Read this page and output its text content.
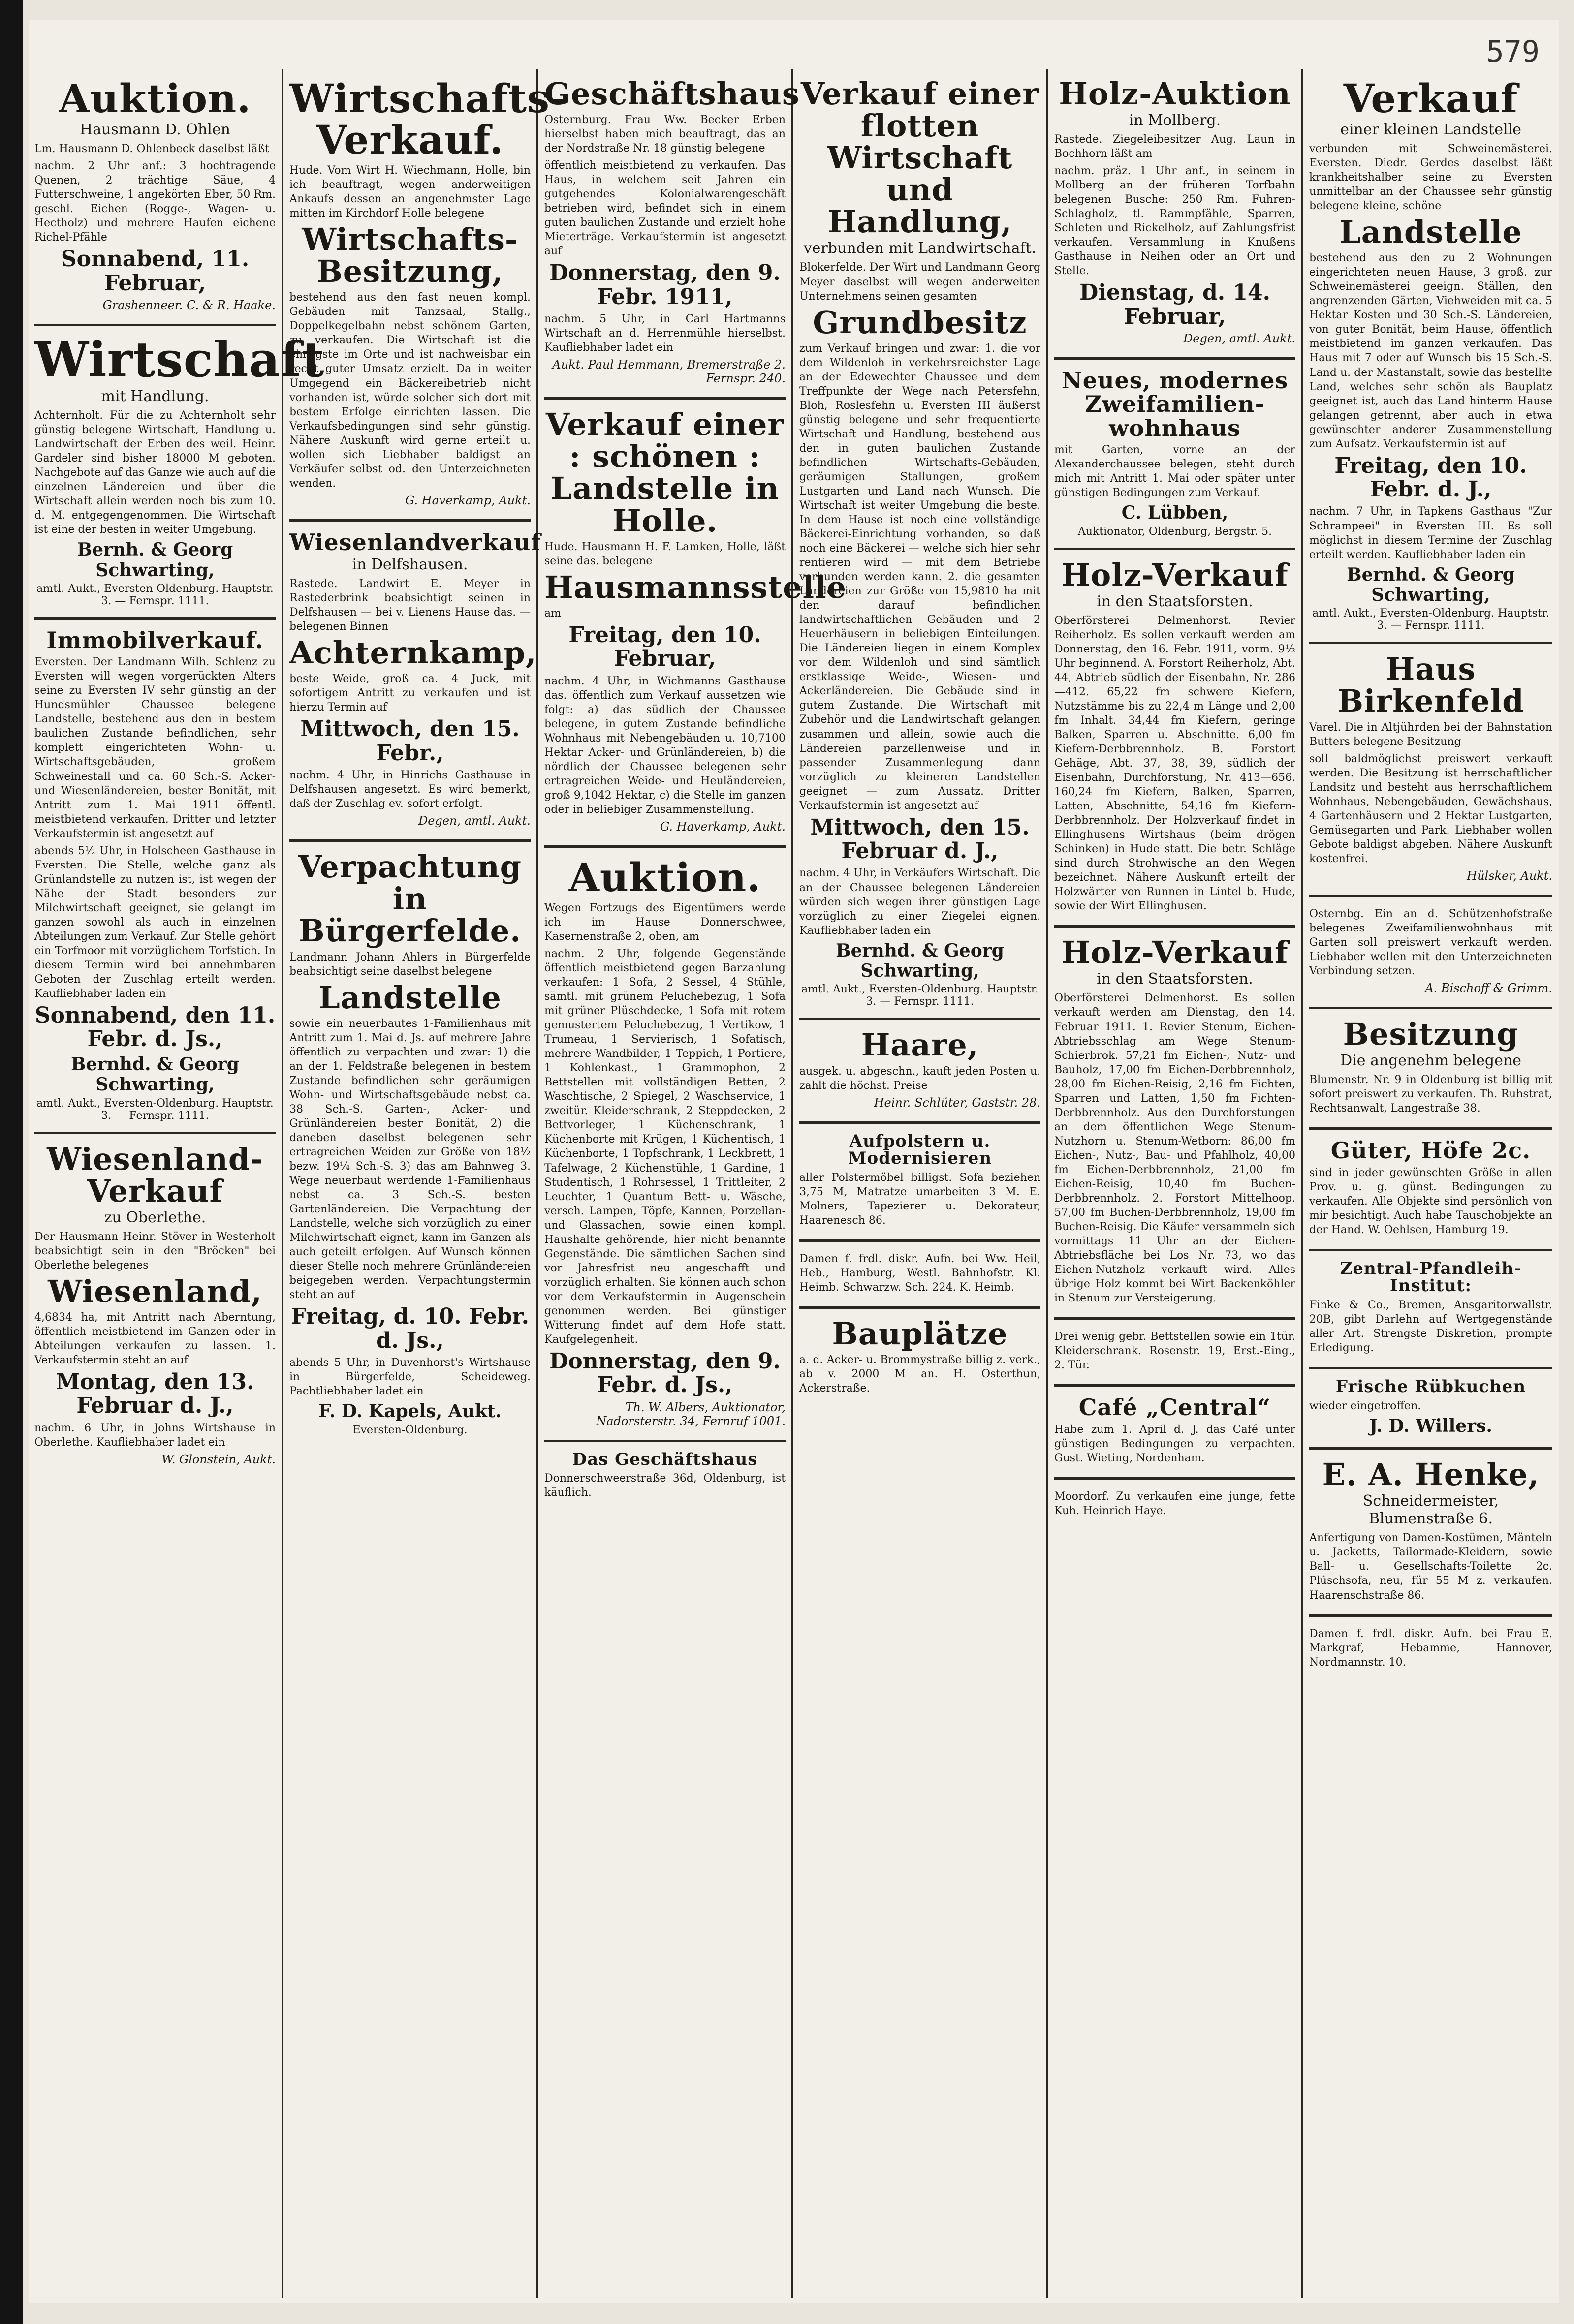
579
Auktion.
Hausmann D. Ohlen
Lm. Hausmann D. Ohlenbeck daselbst läßt
nachm. 2 Uhr anf.: 3 hochtragende Quenen, 2 trächtige Säue, 4 Futterschweine, 1 angekörten Eber, 50 Rm. geschl. Eichen (Rogge-, Wagen- u. Hectholz) und mehrere Haufen eichene Richel-Pfähle
Sonnabend, 11. Februar,
Grashenneer. C. & R. Haake.
Wirtschaft
mit Handlung.
Achternholt. Für die zu Achternholt sehr günstig belegene Wirtschaft, Handlung u. Landwirtschaft der Erben des weil. Heinr. Gardeler sind bisher 18000 M geboten. Nachgebote auf das Ganze wie auch auf die einzelnen Ländereien und über die Wirtschaft allein werden noch bis zum 10. d. M. entgegengenommen. Die Wirtschaft ist eine der besten in weiter Umgebung.
Bernh. & Georg Schwarting,
amtl. Aukt., Eversten-Oldenburg. Hauptstr. 3. — Fernspr. 1111.
Immobilverkauf.
Eversten. Der Landmann Wilh. Schlenz zu Eversten will wegen vorgerückten Alters seine zu Eversten IV sehr günstig an der Hundsmühler Chaussee belegene Landstelle, bestehend aus den in bestem baulichen Zustande befindlichen, sehr komplett eingerichteten Wohn- u. Wirtschaftsgebäuden, großem Schweinestall und ca. 60 Sch.-S. Acker- und Wiesenländereien, bester Bonität, mit Antritt zum 1. Mai 1911 öffentl. meistbietend verkaufen. Dritter und letzter Verkaufstermin ist angesetzt auf
abends 5½ Uhr, in Holscheen Gasthause in Eversten. Die Stelle, welche ganz als Grünlandstelle zu nutzen ist, ist wegen der Nähe der Stadt besonders zur Milchwirtschaft geeignet, sie gelangt im ganzen sowohl als auch in einzelnen Abteilungen zum Verkauf. Zur Stelle gehört ein Torfmoor mit vorzüglichem Torfstich. In diesem Termin wird bei annehmbaren Geboten der Zuschlag erteilt werden. Kaufliebhaber laden ein
Sonnabend, den 11. Febr. d. Js.,
Bernhd. & Georg Schwarting,
amtl. Aukt., Eversten-Oldenburg. Hauptstr. 3. — Fernspr. 1111.
Wiesenland-Verkauf
zu Oberlethe.
Der Hausmann Heinr. Stöver in Westerholt beabsichtigt sein in den "Bröcken" bei Oberlethe belegenes
Wiesenland,
4,6834 ha, mit Antritt nach Aberntung, öffentlich meistbietend im Ganzen oder in Abteilungen verkaufen zu lassen. 1. Verkaufstermin steht an auf
Montag, den 13. Februar d. J.,
nachm. 6 Uhr, in Johns Wirtshause in Oberlethe. Kaufliebhaber ladet ein
W. Glonstein, Aukt.
Wirtschafts-Verkauf.
Hude. Vom Wirt H. Wiechmann, Holle, bin ich beauftragt, wegen anderweitigen Ankaufs dessen an angenehmster Lage mitten im Kirchdorf Holle belegene
Wirtschafts-Besitzung,
bestehend aus den fast neuen kompl. Gebäuden mit Tanzsaal, Stallg., Doppelkegelbahn nebst schönem Garten, zu verkaufen. Die Wirtschaft ist die einzigste im Orte und ist nachweisbar ein recht guter Umsatz erzielt. Da in weiter Umgegend ein Bäckereibetrieb nicht vorhanden ist, würde solcher sich dort mit bestem Erfolge einrichten lassen. Die Verkaufsbedingungen sind sehr günstig. Nähere Auskunft wird gerne erteilt u. wollen sich Liebhaber baldigst an Verkäufer selbst od. den Unterzeichneten wenden.
G. Haverkamp, Aukt.
Wiesenlandverkauf
in Delfshausen.
Rastede. Landwirt E. Meyer in Rastederbrink beabsichtigt seinen in Delfshausen — bei v. Lienens Hause das. — belegenen Binnen
Achternkamp,
beste Weide, groß ca. 4 Juck, mit sofortigem Antritt zu verkaufen und ist hierzu Termin auf
Mittwoch, den 15. Febr.,
nachm. 4 Uhr, in Hinrichs Gasthause in Delfshausen angesetzt. Es wird bemerkt, daß der Zuschlag ev. sofort erfolgt.
Degen, amtl. Aukt.
Verpachtung in Bürgerfelde.
Landmann Johann Ahlers in Bürgerfelde beabsichtigt seine daselbst belegene
Landstelle
sowie ein neuerbautes 1-Familienhaus mit Antritt zum 1. Mai d. Js. auf mehrere Jahre öffentlich zu verpachten und zwar: 1) die an der 1. Feldstraße belegenen in bestem Zustande befindlichen sehr geräumigen Wohn- und Wirtschaftsgebäude nebst ca. 38 Sch.-S. Garten-, Acker- und Grünländereien bester Bonität, 2) die daneben daselbst belegenen sehr ertragreichen Weiden zur Größe von 18½ bezw. 19¼ Sch.-S. 3) das am Bahnweg 3. Wege neuerbaut werdende 1-Familienhaus nebst ca. 3 Sch.-S. besten Gartenländereien. Die Verpachtung der Landstelle, welche sich vorzüglich zu einer Milchwirtschaft eignet, kann im Ganzen als auch geteilt erfolgen. Auf Wunsch können dieser Stelle noch mehrere Grünländereien beigegeben werden. Verpachtungstermin steht an auf
Freitag, d. 10. Febr. d. Js.,
abends 5 Uhr, in Duvenhorst's Wirtshause in Bürgerfelde, Scheideweg. Pachtliebhaber ladet ein
F. D. Kapels, Aukt.
Eversten-Oldenburg.
Geschäftshaus
Osternburg. Frau Ww. Becker Erben hierselbst haben mich beauftragt, das an der Nordstraße Nr. 18 günstig belegene
öffentlich meistbietend zu verkaufen. Das Haus, in welchem seit Jahren ein gutgehendes Kolonialwarengeschäft betrieben wird, befindet sich in einem guten baulichen Zustande und erzielt hohe Mieterträge. Verkaufstermin ist angesetzt auf
Donnerstag, den 9. Febr. 1911,
nachm. 5 Uhr, in Carl Hartmanns Wirtschaft an d. Herrenmühle hierselbst. Kaufliebhaber ladet ein
Aukt. Paul Hemmann, Bremerstraße 2. Fernspr. 240.
Verkauf einer : schönen : Landstelle in Holle.
Hude. Hausmann H. F. Lamken, Holle, läßt seine das. belegene
Hausmannsstelle
am
Freitag, den 10. Februar,
nachm. 4 Uhr, in Wichmanns Gasthause das. öffentlich zum Verkauf aussetzen wie folgt: a) das südlich der Chaussee belegene, in gutem Zustande befindliche Wohnhaus mit Nebengebäuden u. 10,7100 Hektar Acker- und Grünländereien, b) die nördlich der Chaussee belegenen sehr ertragreichen Weide- und Heuländereien, groß 9,1042 Hektar, c) die Stelle im ganzen oder in beliebiger Zusammenstellung.
G. Haverkamp, Aukt.
Auktion.
Wegen Fortzugs des Eigentümers werde ich im Hause Donnerschwee, Kasernenstraße 2, oben, am
nachm. 2 Uhr, folgende Gegenstände öffentlich meistbietend gegen Barzahlung verkaufen: 1 Sofa, 2 Sessel, 4 Stühle, sämtl. mit grünem Peluchebezug, 1 Sofa mit grüner Plüschdecke, 1 Sofa mit rotem gemustertem Peluchebezug, 1 Vertikow, 1 Trumeau, 1 Servierisch, 1 Sofatisch, mehrere Wandbilder, 1 Teppich, 1 Portiere, 1 Kohlenkast., 1 Grammophon, 2 Bettstellen mit vollständigen Betten, 2 Waschtische, 2 Spiegel, 2 Waschservice, 1 zweitür. Kleiderschrank, 2 Steppdecken, 2 Bettvorleger, 1 Küchenschrank, 1 Küchenborte mit Krügen, 1 Küchentisch, 1 Küchenborte, 1 Topfschrank, 1 Leckbrett, 1 Tafelwage, 2 Küchenstühle, 1 Gardine, 1 Studentisch, 1 Rohrsessel, 1 Trittleiter, 2 Leuchter, 1 Quantum Bett- u. Wäsche, versch. Lampen, Töpfe, Kannen, Porzellan- und Glassachen, sowie einen kompl. Haushalte gehörende, hier nicht benannte Gegenstände. Die sämtlichen Sachen sind vor Jahresfrist neu angeschafft und vorzüglich erhalten. Sie können auch schon vor dem Verkaufstermin in Augenschein genommen werden. Bei günstiger Witterung findet auf dem Hofe statt. Kaufgelegenheit.
Donnerstag, den 9. Febr. d. Js.,
Th. W. Albers, Auktionator, Nadorsterstr. 34, Fernruf 1001.
Das Geschäftshaus
Donnerschweerstraße 36d, Oldenburg, ist käuflich.
Verkauf einer flotten Wirtschaft und Handlung,
verbunden mit Landwirtschaft.
Blokerfelde. Der Wirt und Landmann Georg Meyer daselbst will wegen anderweiten Unternehmens seinen gesamten
Grundbesitz
zum Verkauf bringen und zwar: 1. die vor dem Wildenloh in verkehrsreichster Lage an der Edewechter Chaussee und dem Treffpunkte der Wege nach Petersfehn, Bloh, Roslesfehn u. Eversten III äußerst günstig belegene und sehr frequentierte Wirtschaft und Handlung, bestehend aus den in guten baulichen Zustande befindlichen Wirtschafts-Gebäuden, geräumigen Stallungen, großem Lustgarten und Land nach Wunsch. Die Wirtschaft ist weiter Umgebung die beste. In dem Hause ist noch eine vollständige Bäckerei-Einrichtung vorhanden, so daß noch eine Bäckerei — welche sich hier sehr rentieren wird — mit dem Betriebe verbunden werden kann. 2. die gesamten Ländereien zur Größe von 15,9810 ha mit den darauf befindlichen landwirtschaftlichen Gebäuden und 2 Heuerhäusern in beliebigen Einteilungen. Die Ländereien liegen in einem Komplex vor dem Wildenloh und sind sämtlich erstklassige Weide-, Wiesen- und Ackerländereien. Die Gebäude sind in gutem Zustande. Die Wirtschaft mit Zubehör und die Landwirtschaft gelangen zusammen und allein, sowie auch die Ländereien parzellenweise und in passender Zusammenlegung dann vorzüglich zu kleineren Landstellen geeignet — zum Aussatz. Dritter Verkaufstermin ist angesetzt auf
Mittwoch, den 15. Februar d. J.,
nachm. 4 Uhr, in Verkäufers Wirtschaft. Die an der Chaussee belegenen Ländereien würden sich wegen ihrer günstigen Lage vorzüglich zu einer Ziegelei eignen. Kaufliebhaber laden ein
Bernhd. & Georg Schwarting,
amtl. Aukt., Eversten-Oldenburg. Hauptstr. 3. — Fernspr. 1111.
Haare,
ausgek. u. abgeschn., kauft jeden Posten u. zahlt die höchst. Preise
Heinr. Schlüter, Gaststr. 28.
Aufpolstern u. Modernisieren
aller Polstermöbel billigst. Sofa beziehen 3,75 M, Matratze umarbeiten 3 M. E. Molners, Tapezierer u. Dekorateur, Haarenesch 86.
Damen f. frdl. diskr. Aufn. bei Ww. Heil, Heb., Hamburg, Westl. Bahnhofstr. Kl. Heimb. Schwarzw. Sch. 224. K. Heimb.
Bauplätze
a. d. Acker- u. Brommystraße billig z. verk., ab v. 2000 M an. H. Osterthun, Ackerstraße.
Holz-Auktion
in Mollberg.
Rastede. Ziegeleibesitzer Aug. Laun in Bochhorn läßt am
nachm. präz. 1 Uhr anf., in seinem in Mollberg an der früheren Torfbahn belegenen Busche: 250 Rm. Fuhren-Schlagholz, tl. Rammpfähle, Sparren, Schleten und Rickelholz, auf Zahlungsfrist verkaufen. Versammlung in Knußens Gasthause in Neihen oder an Ort und Stelle.
Dienstag, d. 14. Februar,
Degen, amtl. Aukt.
Neues, modernes Zweifamilien-wohnhaus
mit Garten, vorne an der Alexanderchaussee belegen, steht durch mich mit Antritt 1. Mai oder später unter günstigen Bedingungen zum Verkauf.
C. Lübben,
Auktionator, Oldenburg, Bergstr. 5.
Holz-Verkauf
in den Staatsforsten.
Oberförsterei Delmenhorst. Revier Reiherholz. Es sollen verkauft werden am Donnerstag, den 16. Febr. 1911, vorm. 9½ Uhr beginnend. A. Forstort Reiherholz, Abt. 44, Abtrieb südlich der Eisenbahn, Nr. 286—412. 65,22 fm schwere Kiefern, Nutzstämme bis zu 22,4 m Länge und 2,00 fm Inhalt. 34,44 fm Kiefern, geringe Balken, Sparren u. Abschnitte. 6,00 fm Kiefern-Derbbrennholz. B. Forstort Gehäge, Abt. 37, 38, 39, südlich der Eisenbahn, Durchforstung, Nr. 413—656. 160,24 fm Kiefern, Balken, Sparren, Latten, Abschnitte, 54,16 fm Kiefern-Derbbrennholz. Der Holzverkauf findet in Ellinghusens Wirtshaus (beim drögen Schinken) in Hude statt. Die betr. Schläge sind durch Strohwische an den Wegen bezeichnet. Nähere Auskunft erteilt der Holzwärter von Runnen in Lintel b. Hude, sowie der Wirt Ellinghusen.
Holz-Verkauf
in den Staatsforsten.
Oberförsterei Delmenhorst. Es sollen verkauft werden am Dienstag, den 14. Februar 1911. 1. Revier Stenum, Eichen-Abtriebsschlag am Wege Stenum-Schierbrok. 57,21 fm Eichen-, Nutz- und Bauholz, 17,00 fm Eichen-Derbbrennholz, 28,00 fm Eichen-Reisig, 2,16 fm Fichten, Sparren und Latten, 1,50 fm Fichten-Derbbrennholz. Aus den Durchforstungen an dem öffentlichen Wege Stenum-Nutzhorn u. Stenum-Wetborn: 86,00 fm Eichen-, Nutz-, Bau- und Pfahlholz, 40,00 fm Eichen-Derbbrennholz, 21,00 fm Eichen-Reisig, 10,40 fm Buchen-Derbbrennholz. 2. Forstort Mittelhoop. 57,00 fm Buchen-Derbbrennholz, 19,00 fm Buchen-Reisig. Die Käufer versammeln sich vormittags 11 Uhr an der Eichen-Abtriebsfläche bei Los Nr. 73, wo das Eichen-Nutzholz verkauft wird. Alles übrige Holz kommt bei Wirt Backenköhler in Stenum zur Versteigerung.
Drei wenig gebr. Bettstellen sowie ein 1tür. Kleiderschrank. Rosenstr. 19, Erst.-Eing., 2. Tür.
Café „Central“
Habe zum 1. April d. J. das Café unter günstigen Bedingungen zu verpachten. Gust. Wieting, Nordenham.
Moordorf. Zu verkaufen eine junge, fette Kuh. Heinrich Haye.
Verkauf
einer kleinen Landstelle
verbunden mit Schweinemästerei. Eversten. Diedr. Gerdes daselbst läßt krankheitshalber seine zu Eversten unmittelbar an der Chaussee sehr günstig belegene kleine, schöne
Landstelle
bestehend aus den zu 2 Wohnungen eingerichteten neuen Hause, 3 groß. zur Schweinemästerei geeign. Ställen, den angrenzenden Gärten, Viehweiden mit ca. 5 Hektar Kosten und 30 Sch.-S. Ländereien, von guter Bonität, beim Hause, öffentlich meistbietend im ganzen verkaufen. Das Haus mit 7 oder auf Wunsch bis 15 Sch.-S. Land u. der Mastanstalt, sowie das bestellte Land, welches sehr schön als Bauplatz geeignet ist, auch das Land hinterm Hause gelangen getrennt, aber auch in etwa gewünschter anderer Zusammenstellung zum Aufsatz. Verkaufstermin ist auf
Freitag, den 10. Febr. d. J.,
nachm. 7 Uhr, in Tapkens Gasthaus "Zur Schrampeei" in Eversten III. Es soll möglichst in diesem Termine der Zuschlag erteilt werden. Kaufliebhaber laden ein
Bernhd. & Georg Schwarting,
amtl. Aukt., Eversten-Oldenburg. Hauptstr. 3. — Fernspr. 1111.
Haus Birkenfeld
Varel. Die in Altjührden bei der Bahnstation Butters belegene Besitzung
soll baldmöglichst preiswert verkauft werden. Die Besitzung ist herrschaftlicher Landsitz und besteht aus herrschaftlichem Wohnhaus, Nebengebäuden, Gewächshaus, 4 Gartenhäusern und 2 Hektar Lustgarten, Gemüsegarten und Park. Liebhaber wollen Gebote baldigst abgeben. Nähere Auskunft kostenfrei.
Hülsker, Aukt.
Osternbg. Ein an d. Schützenhofstraße belegenes Zweifamilienwohnhaus mit Garten soll preiswert verkauft werden. Liebhaber wollen mit den Unterzeichneten Verbindung setzen.
A. Bischoff & Grimm.
Besitzung
Die angenehm belegene
Blumenstr. Nr. 9 in Oldenburg ist billig mit sofort preiswert zu verkaufen. Th. Ruhstrat, Rechtsanwalt, Langestraße 38.
Güter, Höfe 2c.
sind in jeder gewünschten Größe in allen Prov. u. g. günst. Bedingungen zu verkaufen. Alle Objekte sind persönlich von mir besichtigt. Auch habe Tauschobjekte an der Hand. W. Oehlsen, Hamburg 19.
Zentral-Pfandleih-Institut:
Finke & Co., Bremen, Ansgaritorwallstr. 20B, gibt Darlehn auf Wertgegenstände aller Art. Strengste Diskretion, prompte Erledigung.
Frische Rübkuchen
wieder eingetroffen.
J. D. Willers.
E. A. Henke,
Schneidermeister, Blumenstraße 6.
Anfertigung von Damen-Kostümen, Mänteln u. Jacketts, Tailormade-Kleidern, sowie Ball- u. Gesellschafts-Toilette 2c. Plüschsofa, neu, für 55 M z. verkaufen. Haarenschstraße 86.
Damen f. frdl. diskr. Aufn. bei Frau E. Markgraf, Hebamme, Hannover, Nordmannstr. 10.
